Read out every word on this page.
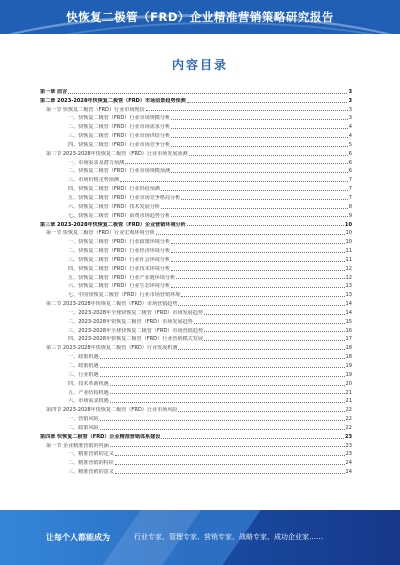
快恢复二极管（FRD）企业精准营销策略研究报告
内容目录
第一章 前言	3
第二章 2023-2028年快恢复二极管（FRD）市场前景趋势预测	3
第一节 快恢复二极管（FRD）行业市场现状	3
一、快恢复二极管（FRD）行业市场规模分析	3
二、快恢复二极管（FRD）行业市场需求分析	4
三、快恢复二极管（FRD）行业市场供给分析	4
四、快恢复二极管（FRD）行业市场竞争分析	5
第二节 2023-2028年快恢复二极管（FRD）行业市场发展预测	6
一、市场需求及潜力预测	6
二、快恢复二极管（FRD）行业市场规模预测	6
三、市场价格走势预测	7
四、快恢复二极管（FRD）行业供给预测	7
五、快恢复二极管（FRD）行业市场竞争格局分析	7
六、快恢复二极管（FRD）技术发展分析	8
七、快恢复二极管（FRD）消费市场趋势分析	9
第三章 2023-2028年快恢复二极管（FRD）企业营销环境分析	10
第一节 快恢复二极管（FRD）行业宏观环境分析	10
一、快恢复二极管（FRD）行业政策环境分析	10
二、快恢复二极管（FRD）行业经济环境分析	11
三、快恢复二极管（FRD）行业社会环境分析	11
四、快恢复二极管（FRD）行业技术环境分析	12
五、快恢复二极管（FRD）行业产业链环境分析	12
六、快恢复二极管（FRD）行业生态环境分析	13
七、中国快恢复二极管（FRD）行业市场营销环境	13
第二节 2023-2028年快恢复二极管（FRD）市场营销趋势	14
一、2023-2028年全球快恢复二极管（FRD）市场发展趋势	14
二、2023-2028年快恢复二极管（FRD）市场发展趋势	15
三、2023-2028年全球快恢复二极管（FRD）市场营销趋势	16
四、2023-2028年快恢复二极管（FRD）行业营销模式发展	17
第三节 2023-2028年快恢复二极管（FRD）行业发展机遇	18
一、政策机遇	18
二、政策机遇	19
三、行业机遇	19
四、技术革新机遇	20
五、产业结构机遇	21
六、市场需求机遇	21
第四节 2023-2028年快恢复二极管（FRD）行业市场风险	22
一、营销风险	22
二、政策风险	22
第四章 快恢复二极管（FRD）企业精准营销体系建设	23
第一节 企业精准营销的内涵	23
一、精准营销的定义	23
二、精准营销的特征	24
三、精准营销的意义	24
让每个人都能成为	行业专家、管理专家、营销专家、战略专家、成功企业家……
